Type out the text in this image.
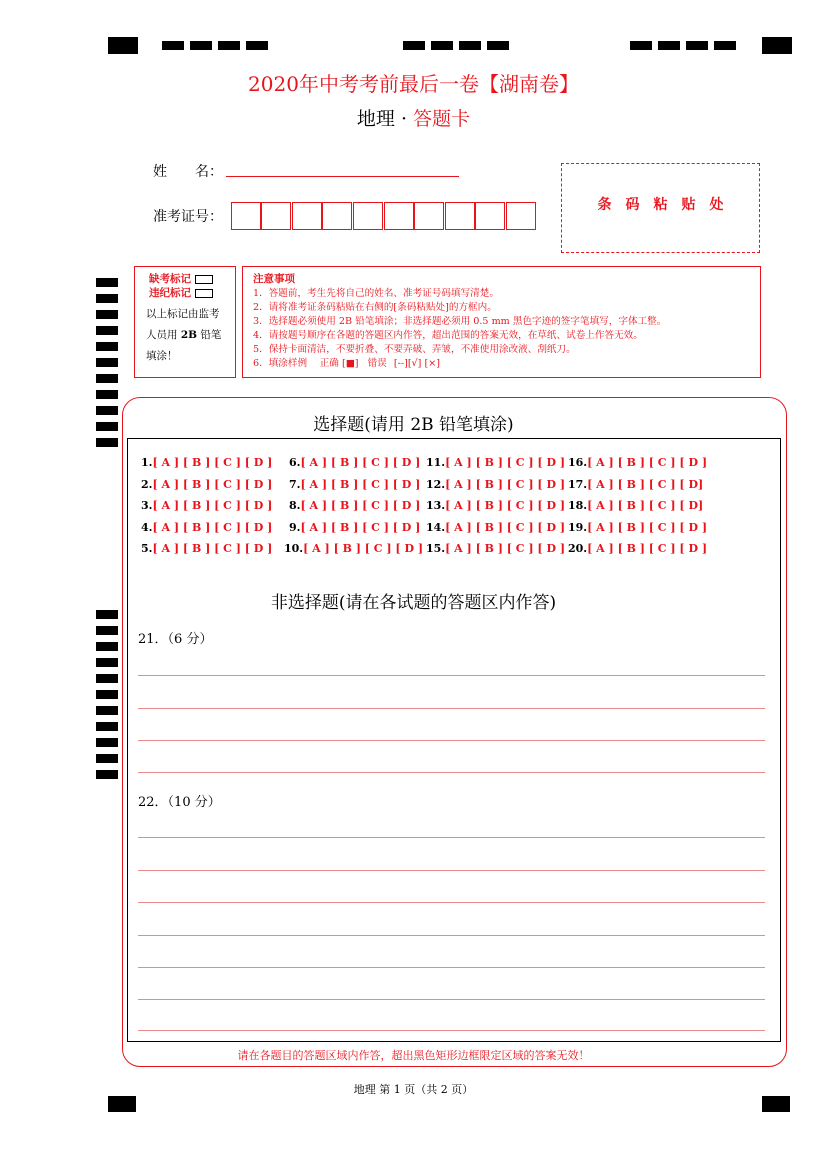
2020年中考考前最后一卷【湖南卷】
地理 · 答题卡
姓　　名：
准考证号：
条　码　粘　贴　处
缺考标记
违纪标记
以上标记由监考
人员用 2B 铅笔
填涂！
注意事项
1．答题前，考生先将自己的姓名、准考证号码填写清楚。
2．请将准考证条码粘贴在右侧的[条码粘贴处]的方框内。
3．选择题必须使用 2B 铅笔填涂；非选择题必须用 0.5 mm 黑色字迹的签字笔填写，字体工整。
4．请按题号顺序在各题的答题区内作答，超出范围的答案无效，在草纸、试卷上作答无效。
5．保持卡面清洁，不要折叠、不要弄破、弄皱，不准使用涂改液、刮纸刀。
6．填涂样例　 正确 [■] 错误 [--][√] [×]
选择题(请用 2B 铅笔填涂)
1.[ A ] [ B ] [ C ] [ D ]
2.[ A ] [ B ] [ C ] [ D ]
3.[ A ] [ B ] [ C ] [ D ]
4.[ A ] [ B ] [ C ] [ D ]
5.[ A ] [ B ] [ C ] [ D ]
6.[ A ] [ B ] [ C ] [ D ]
7.[ A ] [ B ] [ C ] [ D ]
8.[ A ] [ B ] [ C ] [ D ]
9.[ A ] [ B ] [ C ] [ D ]
10.[ A ] [ B ] [ C ] [ D ]
11.[ A ] [ B ] [ C ] [ D ]
12.[ A ] [ B ] [ C ] [ D ]
13.[ A ] [ B ] [ C ] [ D ]
14.[ A ] [ B ] [ C ] [ D ]
15.[ A ] [ B ] [ C ] [ D ]
16.[ A ] [ B ] [ C ] [ D ]
17.[ A ] [ B ] [ C ] [ D]
18.[ A ] [ B ] [ C ] [ D]
19.[ A ] [ B ] [ C ] [ D ]
20.[ A ] [ B ] [ C ] [ D ]
非选择题(请在各试题的答题区内作答)
21．（6 分）
22．（10 分）
请在各题目的答题区域内作答，超出黑色矩形边框限定区域的答案无效！
地理 第 1 页（共 2 页）
